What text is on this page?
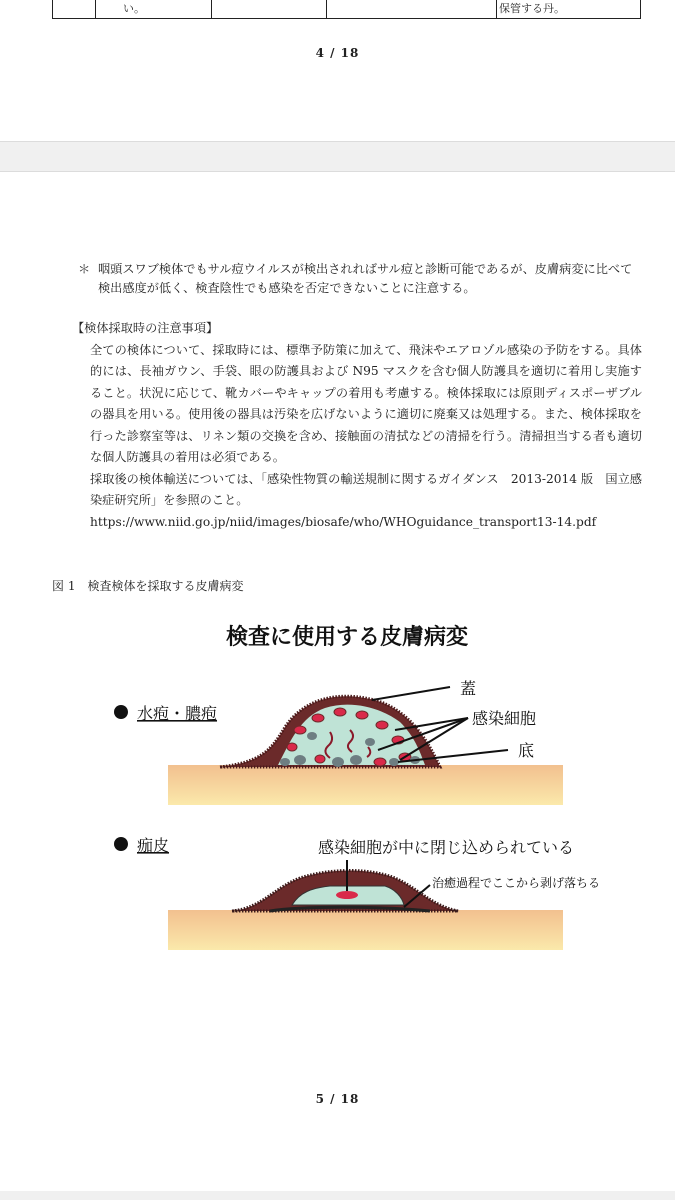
い。	保管する丹。
4 / 18
＊ 咽頭スワブ検体でもサル痘ウイルスが検出されればサル痘と診断可能であるが、皮膚病変に比べて検出感度が低く、検査陰性でも感染を否定できないことに注意する。
【検体採取時の注意事項】
全ての検体について、採取時には、標準予防策に加えて、飛沫やエアロゾル感染の予防をする。具体的には、長袖ガウン、手袋、眼の防護具および N95 マスクを含む個人防護具を適切に着用し実施すること。状況に応じて、靴カバーやキャップの着用も考慮する。検体採取には原則ディスポーザブルの器具を用いる。使用後の器具は汚染を広げないように適切に廃棄又は処理する。また、検体採取を行った診察室等は、リネン類の交換を含め、接触面の清拭などの清掃を行う。清掃担当する者も適切な個人防護具の着用は必須である。
採取後の検体輸送については、「感染性物質の輸送規制に関するガイダンス　2013-2014 版　国立感染症研究所」を参照のこと。
https://www.niid.go.jp/niid/images/biosafe/who/WHOguidance_transport13-14.pdf
図 1　検査検体を採取する皮膚病変
検査に使用する皮膚病変
水疱・膿疱
蓋
感染細胞
底
痂皮	感染細胞が中に閉じ込められている
治癒過程でここから剥げ落ちる
5 / 18
